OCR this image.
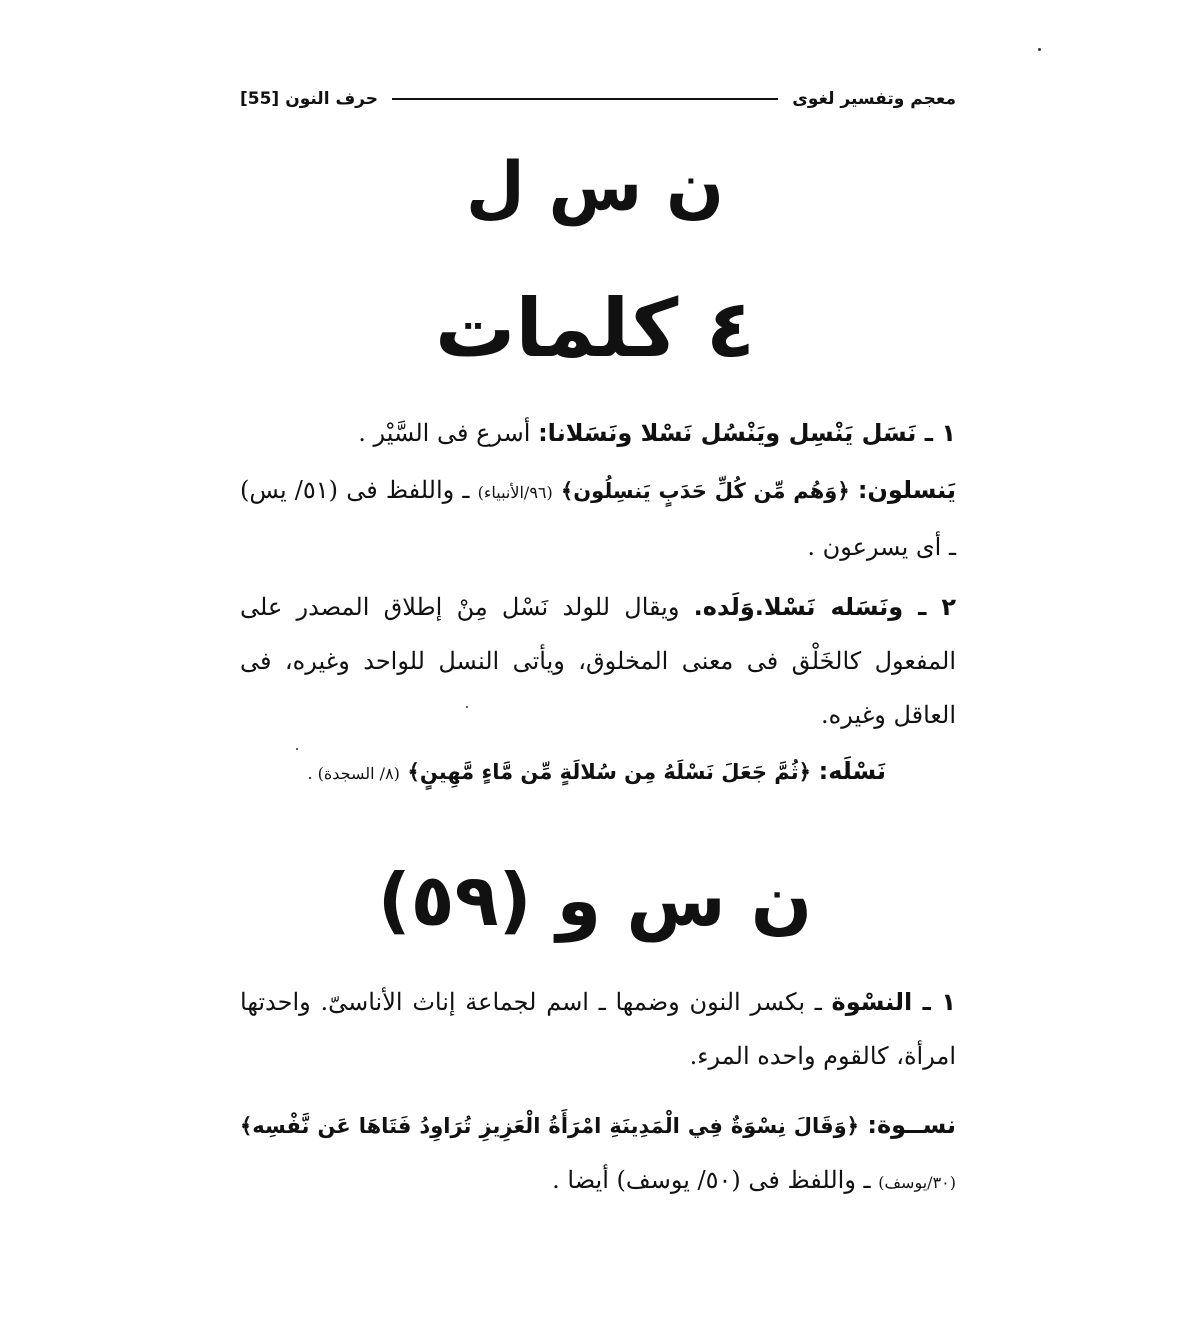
معجم وتفسير لغوى
حرف النون
[55]
ن س ل
٤ كلمات
١ ـ نَسَل يَنْسِل ويَنْسُل نَسْلا ونَسَلانا: أسرع فى السَّيْر .
يَنسلون: ﴿وَهُم مِّن كُلِّ حَدَبٍ يَنسِلُون﴾ (٩٦/الأنبياء) ـ واللفظ فى (٥١/ يس) ـ أى يسرعون .
٢ ـ ونَسَله نَسْلا.وَلَده. ويقال للولد نَسْل مِنْ إطلاق المصدر على المفعول كالخَلْق فى معنى المخلوق، ويأتى النسل للواحد وغيره، فى العاقل وغيره.
نَسْلَه: ﴿ثُمَّ جَعَلَ نَسْلَهُ مِن سُلالَةٍ مِّن مَّاءٍ مَّهِينٍ﴾ (٨/ السجدة) .
ن س و (٥٩)
١ ـ النسْوة ـ بكسر النون وضمها ـ اسم لجماعة إناث الأناسىّ. واحدتها امرأة، كالقوم واحده المرء.
نســوة: ﴿وَقَالَ نِسْوَةٌ فِي الْمَدِينَةِ امْرَأَةُ الْعَزِيزِ تُرَاوِدُ فَتَاهَا عَن نَّفْسِه﴾ (٣٠/يوسف) ـ واللفظ فى (٥٠/ يوسف) أيضا .
